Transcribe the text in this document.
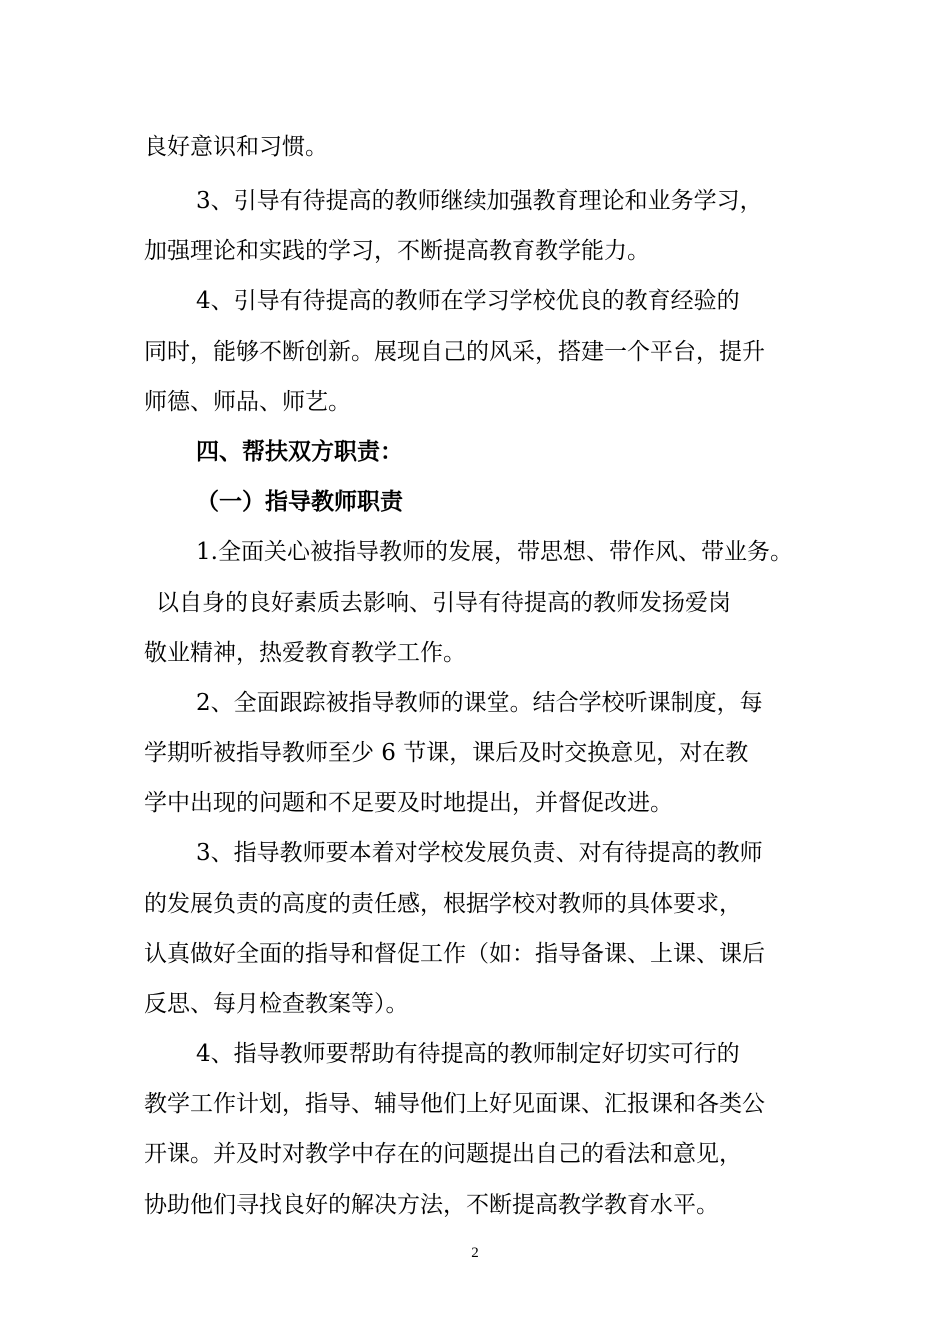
良好意识和习惯。

3、引导有待提高的教师继续加强教育理论和业务学习，

加强理论和实践的学习，不断提高教育教学能力。

4、引导有待提高的教师在学习学校优良的教育经验的

同时，能够不断创新。展现自己的风采，搭建一个平台，提升

师德、师品、师艺。

四、帮扶双方职责：

（一）指导教师职责

1.全面关心被指导教师的发展，带思想、带作风、带业务。

以自身的良好素质去影响、引导有待提高的教师发扬爱岗

敬业精神，热爱教育教学工作。

2、全面跟踪被指导教师的课堂。结合学校听课制度，每

学期听被指导教师至少 6 节课，课后及时交换意见，对在教

学中出现的问题和不足要及时地提出，并督促改进。

3、指导教师要本着对学校发展负责、对有待提高的教师

的发展负责的高度的责任感，根据学校对教师的具体要求，

认真做好全面的指导和督促工作（如：指导备课、上课、课后

反思、每月检查教案等）。

4、指导教师要帮助有待提高的教师制定好切实可行的

教学工作计划，指导、辅导他们上好见面课、汇报课和各类公

开课。并及时对教学中存在的问题提出自己的看法和意见，

协助他们寻找良好的解决方法，不断提高教学教育水平。

2
